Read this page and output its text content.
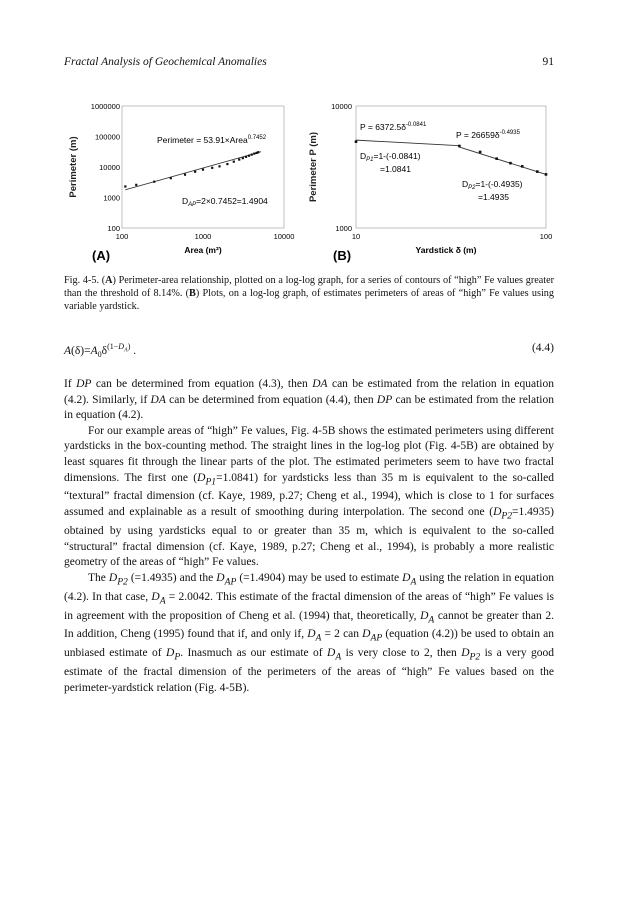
Fractal Analysis of Geochemical Anomalies	91
Perimeter (m)
1000000
100000
10000
1000
100
100	1000	10000
Area (m²)
(A)
Perimeter = 53.91×Area$^{0.7452}$
$D_{AP}=2\times 0.7452=1.4904$	Perimeter P (m)
10000
1000
10	100
Yardstick δ (m)
(B)
$P = 6372.5\delta^{-0.0841}$
$P = 26659\delta^{-0.4935}$
$D_{P1}=1-(-0.0841)$
=1.0841
$D_{P2}=1-(-0.4935)$
=1.4935
Fig. 4-5. (A) Perimeter-area relationship, plotted on a log-log graph, for a series of contours of “high” Fe values greater than the threshold of 8.14%. (B) Plots, on a log-log graph, of estimates perimeters of areas of “high” Fe values using variable yardstick.
$A(\delta)=A_0\delta^{(1-D_A)}$ .	(4.4)

If DP can be determined from equation (4.3), then DA can be estimated from the relation in equation (4.2). Similarly, if DA can be determined from equation (4.4), then DP can be estimated from the relation in equation (4.2).

For our example areas of “high” Fe values, Fig. 4-5B shows the estimated perimeters using different yardsticks in the box-counting method. The straight lines in the log-log plot (Fig. 4-5B) are obtained by least squares fit through the linear parts of the plot. The estimated perimeters seem to have two fractal dimensions. The first one $(D_{P1}=1.0841)$ for yardsticks less than 35 m is equivalent to the so-called “textural” fractal dimension (cf. Kaye, 1989, p.27; Cheng et al., 1994), which is close to 1 for surfaces assumed and explainable as a result of smoothing during interpolation. The second one $(D_{P2}=1.4935)$ obtained by using yardsticks equal to or greater than 35 m, which is equivalent to the so-called “structural” fractal dimension (cf. Kaye, 1989, p.27; Cheng et al., 1994), is probably a more realistic geometry of the areas of “high” Fe values.

The $D_{P2}$ (=1.4935) and the $D_{AP}$ (=1.4904) may be used to estimate $D_A$ using the relation in equation (4.2). In that case, $D_A = 2.0042$. This estimate of the fractal dimension of the areas of “high” Fe values is in agreement with the proposition of Cheng et al. (1994) that, theoretically, $D_A$ cannot be greater than 2. In addition, Cheng (1995) found that if, and only if, $D_A = 2$ can $D_{AP}$ (equation (4.2)) be used to obtain an unbiased estimate of $D_P$. Inasmuch as our estimate of $D_A$ is very close to 2, then $D_{P2}$ is a very good estimate of the fractal dimension of the perimeters of the areas of “high” Fe values based on the perimeter-yardstick relation (Fig. 4-5B).
